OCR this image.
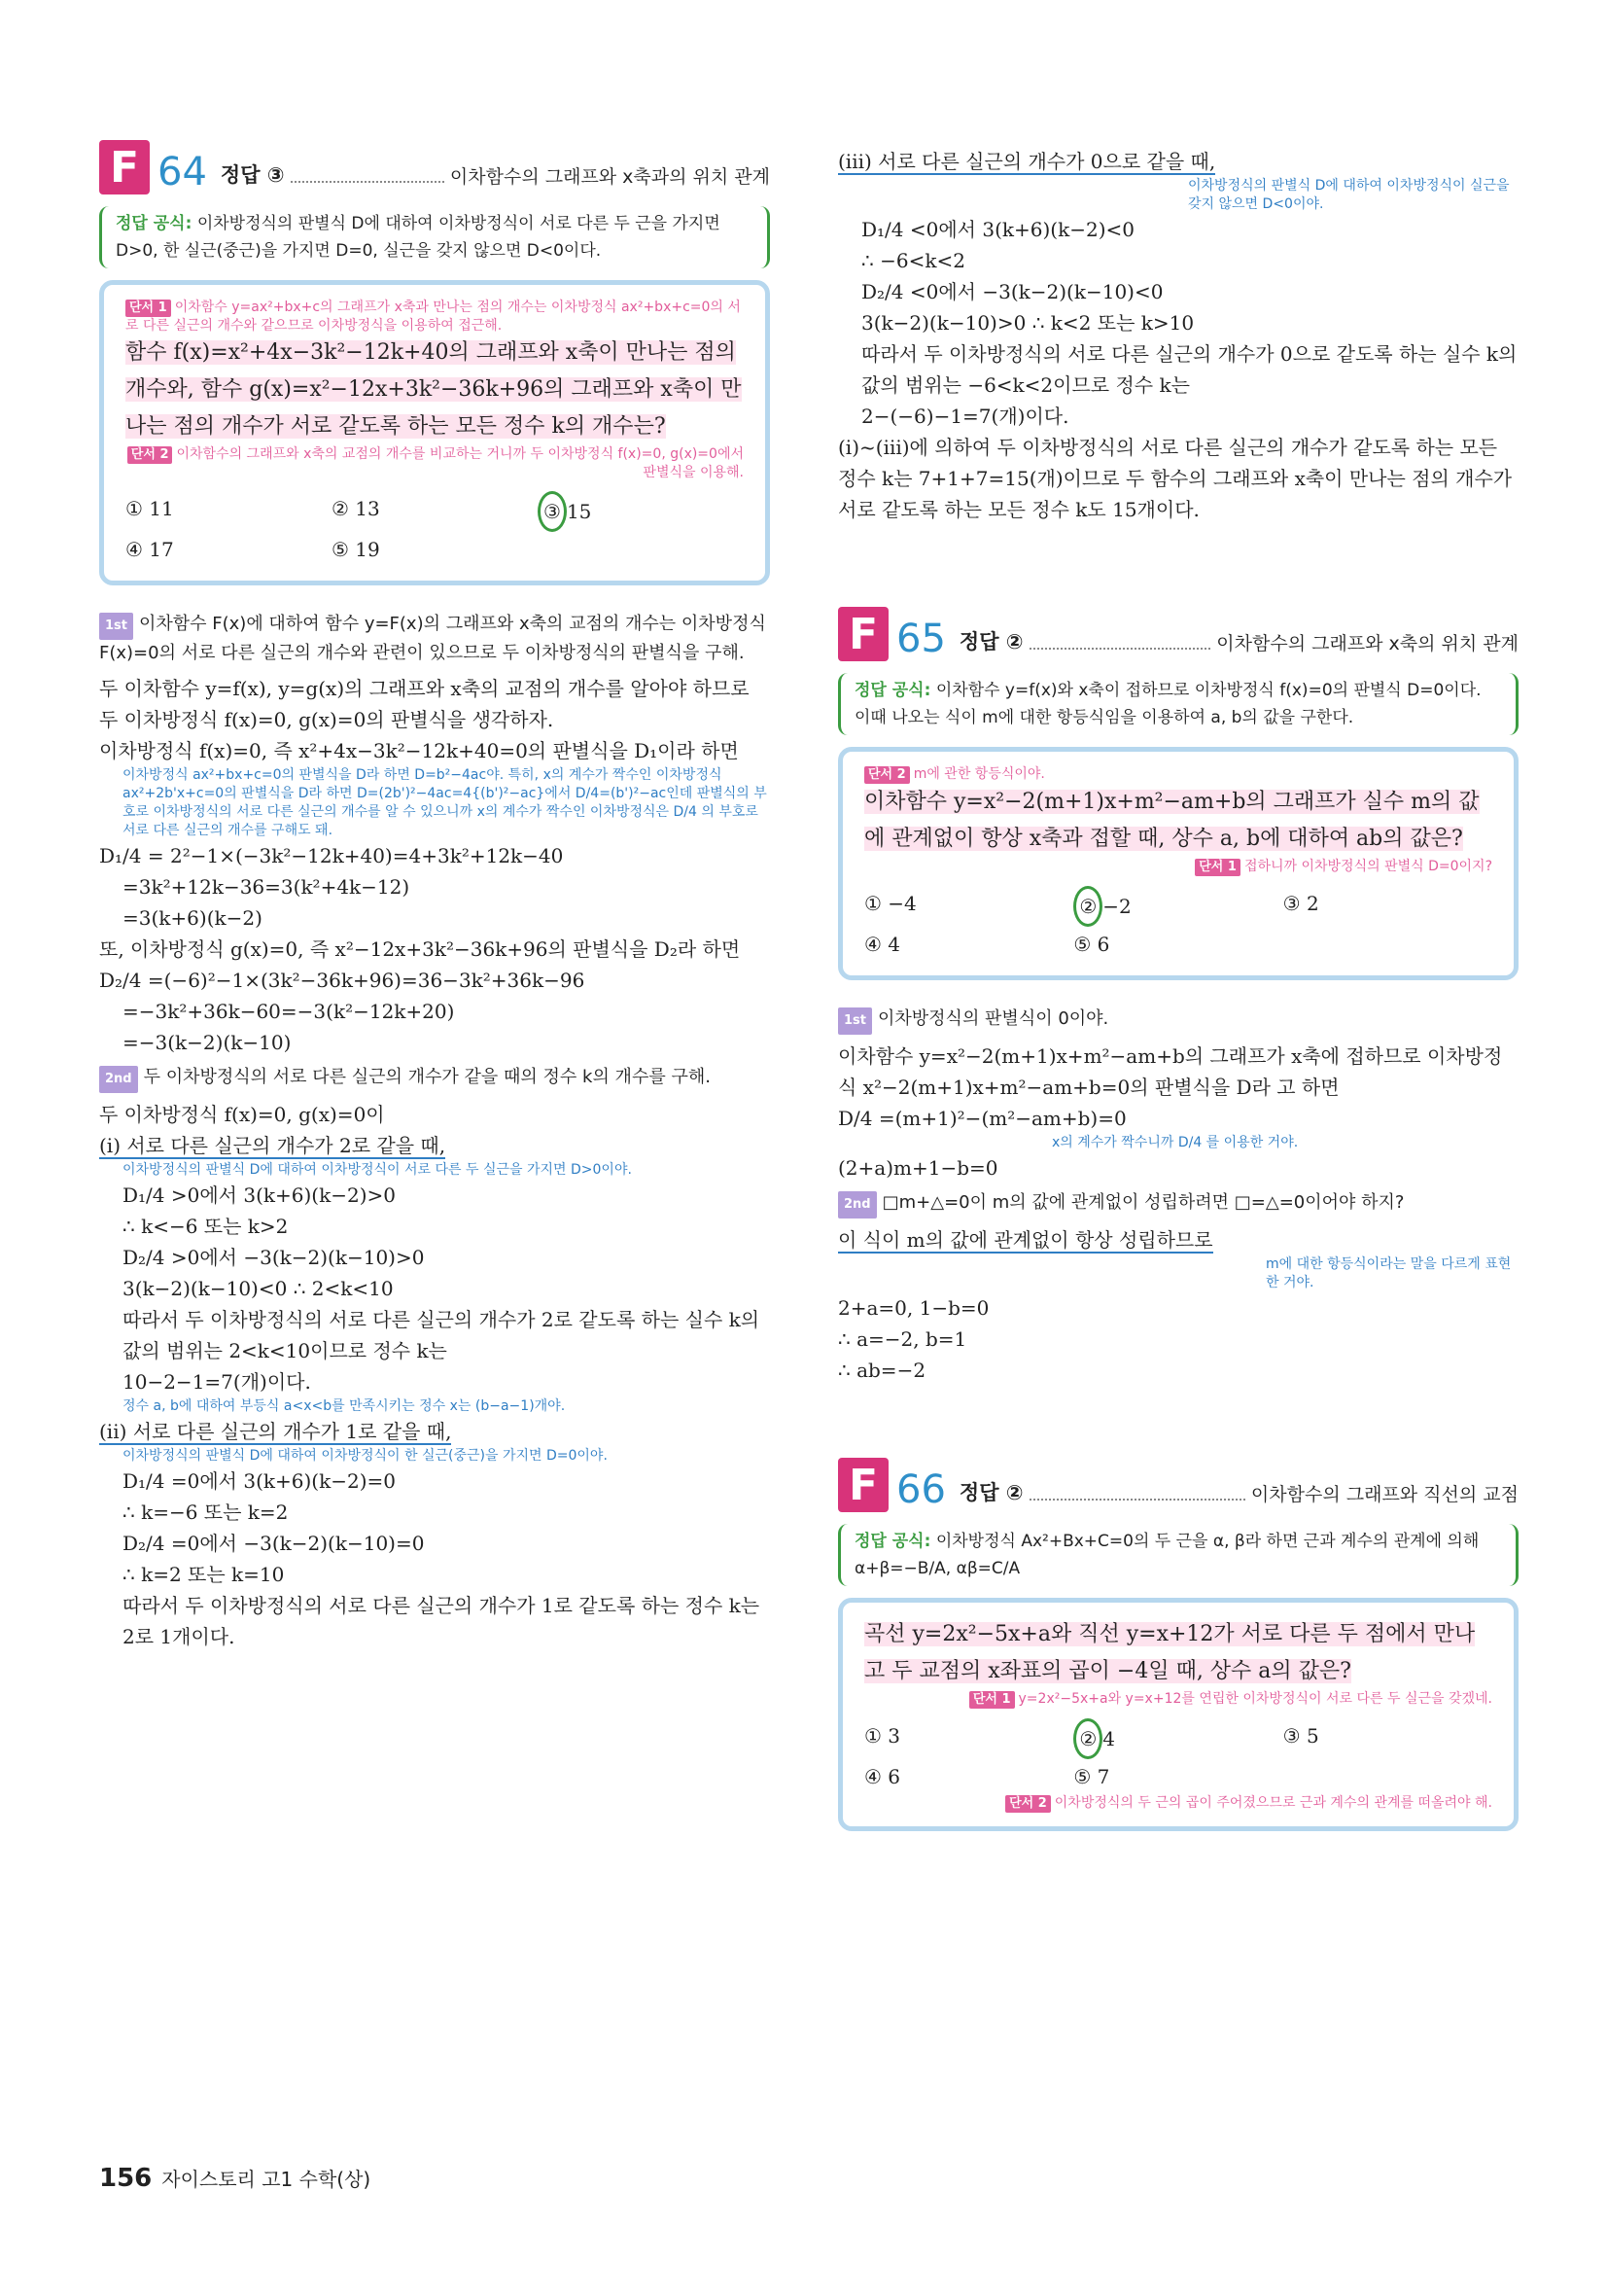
F 64 정답 ③	이차함수의 그래프와 x축과의 위치 관계
정답 공식: 이차방정식의 판별식 D에 대하여 이차방정식이 서로 다른 두 근을 가지면 D>0, 한 실근(중근)을 가지면 D=0, 실근을 갖지 않으면 D<0이다.
단서 1 이차함수 y=ax²+bx+c의 그래프가 x축과 만나는 점의 개수는 이차방정식 ax²+bx+c=0의 서로 다른 실근의 개수와 같으므로 이차방정식을 이용하여 접근해.
함수 f(x)=x²+4x−3k²−12k+40의 그래프와 x축이 만나는 점의 개수와, 함수 g(x)=x²−12x+3k²−36k+96의 그래프와 x축이 만나는 점의 개수가 서로 같도록 하는 모든 정수 k의 개수는?
단서 2 이차함수의 그래프와 x축의 교점의 개수를 비교하는 거니까 두 이차방정식 f(x)=0, g(x)=0에서 판별식을 이용해.
① 11	② 13	③ 15
④ 17	⑤ 19
1st 이차함수 F(x)에 대하여 함수 y=F(x)의 그래프와 x축의 교점의 개수는 이차방정식 F(x)=0의 서로 다른 실근의 개수와 관련이 있으므로 두 이차방정식의 판별식을 구해.
두 이차함수 y=f(x), y=g(x)의 그래프와 x축의 교점의 개수를 알아야 하므로 두 이차방정식 f(x)=0, g(x)=0의 판별식을 생각하자.
이차방정식 f(x)=0, 즉 x²+4x−3k²−12k+40=0의 판별식을 D₁이라 하면
이차방정식 ax²+bx+c=0의 판별식을 D라 하면 D=b²−4ac야. 특히, x의 계수가 짝수인 이차방정식 ax²+2b'x+c=0의 판별식을 D라 하면 D=(2b')²−4ac=4{(b')²−ac}에서 D/4=(b')²−ac인데 판별식의 부호로 이차방정식의 서로 다른 실근의 개수를 알 수 있으니까 x의 계수가 짝수인 이차방정식은 D/4 의 부호로 서로 다른 실근의 개수를 구해도 돼.
D₁/4 = 2²−1×(−3k²−12k+40)=4+3k²+12k−40
=3k²+12k−36=3(k²+4k−12)
=3(k+6)(k−2)
또, 이차방정식 g(x)=0, 즉 x²−12x+3k²−36k+96의 판별식을 D₂라 하면
D₂/4 =(−6)²−1×(3k²−36k+96)=36−3k²+36k−96
=−3k²+36k−60=−3(k²−12k+20)
=−3(k−2)(k−10)
2nd 두 이차방정식의 서로 다른 실근의 개수가 같을 때의 정수 k의 개수를 구해.
두 이차방정식 f(x)=0, g(x)=0이
(i) 서로 다른 실근의 개수가 2로 같을 때,
이차방정식의 판별식 D에 대하여 이차방정식이 서로 다른 두 실근을 가지면 D>0이야.
D₁/4 >0에서 3(k+6)(k−2)>0
∴ k<−6 또는 k>2
D₂/4 >0에서 −3(k−2)(k−10)>0
3(k−2)(k−10)<0 ∴ 2<k<10
따라서 두 이차방정식의 서로 다른 실근의 개수가 2로 같도록 하는 실수 k의 값의 범위는 2<k<10이므로 정수 k는
10−2−1=7(개)이다.
정수 a, b에 대하여 부등식 a<x<b를 만족시키는 정수 x는 (b−a−1)개야.
(ii) 서로 다른 실근의 개수가 1로 같을 때,
이차방정식의 판별식 D에 대하여 이차방정식이 한 실근(중근)을 가지면 D=0이야.
D₁/4 =0에서 3(k+6)(k−2)=0
∴ k=−6 또는 k=2
D₂/4 =0에서 −3(k−2)(k−10)=0
∴ k=2 또는 k=10
따라서 두 이차방정식의 서로 다른 실근의 개수가 1로 같도록 하는 정수 k는 2로 1개이다.
(iii) 서로 다른 실근의 개수가 0으로 같을 때,
이차방정식의 판별식 D에 대하여 이차방정식이 실근을 갖지 않으면 D<0이야.
D₁/4 <0에서 3(k+6)(k−2)<0
∴ −6<k<2
D₂/4 <0에서 −3(k−2)(k−10)<0
3(k−2)(k−10)>0 ∴ k<2 또는 k>10
따라서 두 이차방정식의 서로 다른 실근의 개수가 0으로 같도록 하는 실수 k의 값의 범위는 −6<k<2이므로 정수 k는
2−(−6)−1=7(개)이다.
(i)~(iii)에 의하여 두 이차방정식의 서로 다른 실근의 개수가 같도록 하는 모든 정수 k는 7+1+7=15(개)이므로 두 함수의 그래프와 x축이 만나는 점의 개수가 서로 같도록 하는 모든 정수 k도 15개이다.
F 65 정답 ②	이차함수의 그래프와 x축의 위치 관계
정답 공식: 이차함수 y=f(x)와 x축이 접하므로 이차방정식 f(x)=0의 판별식 D=0이다. 이때 나오는 식이 m에 대한 항등식임을 이용하여 a, b의 값을 구한다.
단서 2 m에 관한 항등식이야.
이차함수 y=x²−2(m+1)x+m²−am+b의 그래프가 실수 m의 값에 관계없이 항상 x축과 접할 때, 상수 a, b에 대하여 ab의 값은?
단서 1 접하니까 이차방정식의 판별식 D=0이지?
① −4	② −2	③ 2
④ 4	⑤ 6
1st 이차방정식의 판별식이 0이야.
이차함수 y=x²−2(m+1)x+m²−am+b의 그래프가 x축에 접하므로 이차방정식 x²−2(m+1)x+m²−am+b=0의 판별식을 D라 고 하면
D/4 =(m+1)²−(m²−am+b)=0
x의 계수가 짝수니까 D/4 를 이용한 거야.
(2+a)m+1−b=0
2nd □m+△=0이 m의 값에 관계없이 성립하려면 □=△=0이어야 하지?
이 식이 m의 값에 관계없이 항상 성립하므로
m에 대한 항등식이라는 말을 다르게 표현한 거야.
2+a=0, 1−b=0
∴ a=−2, b=1
∴ ab=−2
F 66 정답 ②	이차함수의 그래프와 직선의 교점
정답 공식: 이차방정식 Ax²+Bx+C=0의 두 근을 α, β라 하면 근과 계수의 관계에 의해 α+β=−B/A, αβ=C/A
곡선 y=2x²−5x+a와 직선 y=x+12가 서로 다른 두 점에서 만나고 두 교점의 x좌표의 곱이 −4일 때, 상수 a의 값은?
단서 1 y=2x²−5x+a와 y=x+12를 연립한 이차방정식이 서로 다른 두 실근을 갖겠네.
① 3	② 4	③ 5
④ 6	⑤ 7
단서 2 이차방정식의 두 근의 곱이 주어졌으므로 근과 계수의 관계를 떠올려야 해.
156 자이스토리 고1 수학(상)
